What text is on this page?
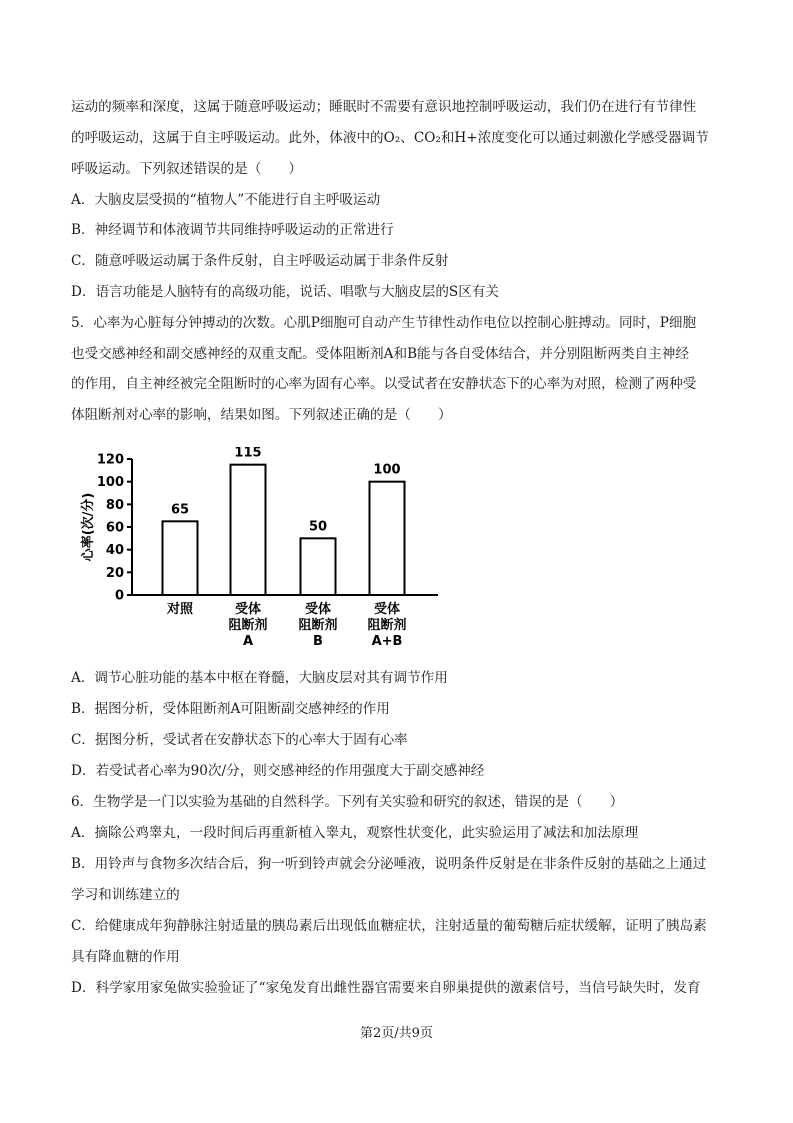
运动的频率和深度，这属于随意呼吸运动；睡眠时不需要有意识地控制呼吸运动，我们仍在进行有节律性
的呼吸运动，这属于自主呼吸运动。此外，体液中的O₂、CO₂和H+浓度变化可以通过刺激化学感受器调节
呼吸运动。下列叙述错误的是（　　）
A．大脑皮层受损的“植物人”不能进行自主呼吸运动
B．神经调节和体液调节共同维持呼吸运动的正常进行
C．随意呼吸运动属于条件反射，自主呼吸运动属于非条件反射
D．语言功能是人脑特有的高级功能，说话、唱歌与大脑皮层的S区有关
5．心率为心脏每分钟搏动的次数。心肌P细胞可自动产生节律性动作电位以控制心脏搏动。同时，P细胞
也受交感神经和副交感神经的双重支配。受体阻断剂A和B能与各自受体结合，并分别阻断两类自主神经
的作用，自主神经被完全阻断时的心率为固有心率。以受试者在安静状态下的心率为对照，检测了两种受
体阻断剂对心率的影响，结果如图。下列叙述正确的是（　　）
心率(次/分)
0
20
40
60
80
100
120
65
115
50
100
对照	受体
阻断剂
A
受体
阻断剂
B
受体
阻断剂
A+B
A．调节心脏功能的基本中枢在脊髓，大脑皮层对其有调节作用
B．据图分析，受体阻断剂A可阻断副交感神经的作用
C．据图分析，受试者在安静状态下的心率大于固有心率
D．若受试者心率为90次/分，则交感神经的作用强度大于副交感神经
6．生物学是一门以实验为基础的自然科学。下列有关实验和研究的叙述，错误的是（　　）
A．摘除公鸡睾丸，一段时间后再重新植入睾丸，观察性状变化，此实验运用了减法和加法原理
B．用铃声与食物多次结合后，狗一听到铃声就会分泌唾液，说明条件反射是在非条件反射的基础之上通过
学习和训练建立的
C．给健康成年狗静脉注射适量的胰岛素后出现低血糖症状，注射适量的葡萄糖后症状缓解，证明了胰岛素
具有降血糖的作用
D．科学家用家兔做实验验证了“家兔发育出雌性器官需要来自卵巢提供的激素信号，当信号缺失时，发育
第2页/共9页
